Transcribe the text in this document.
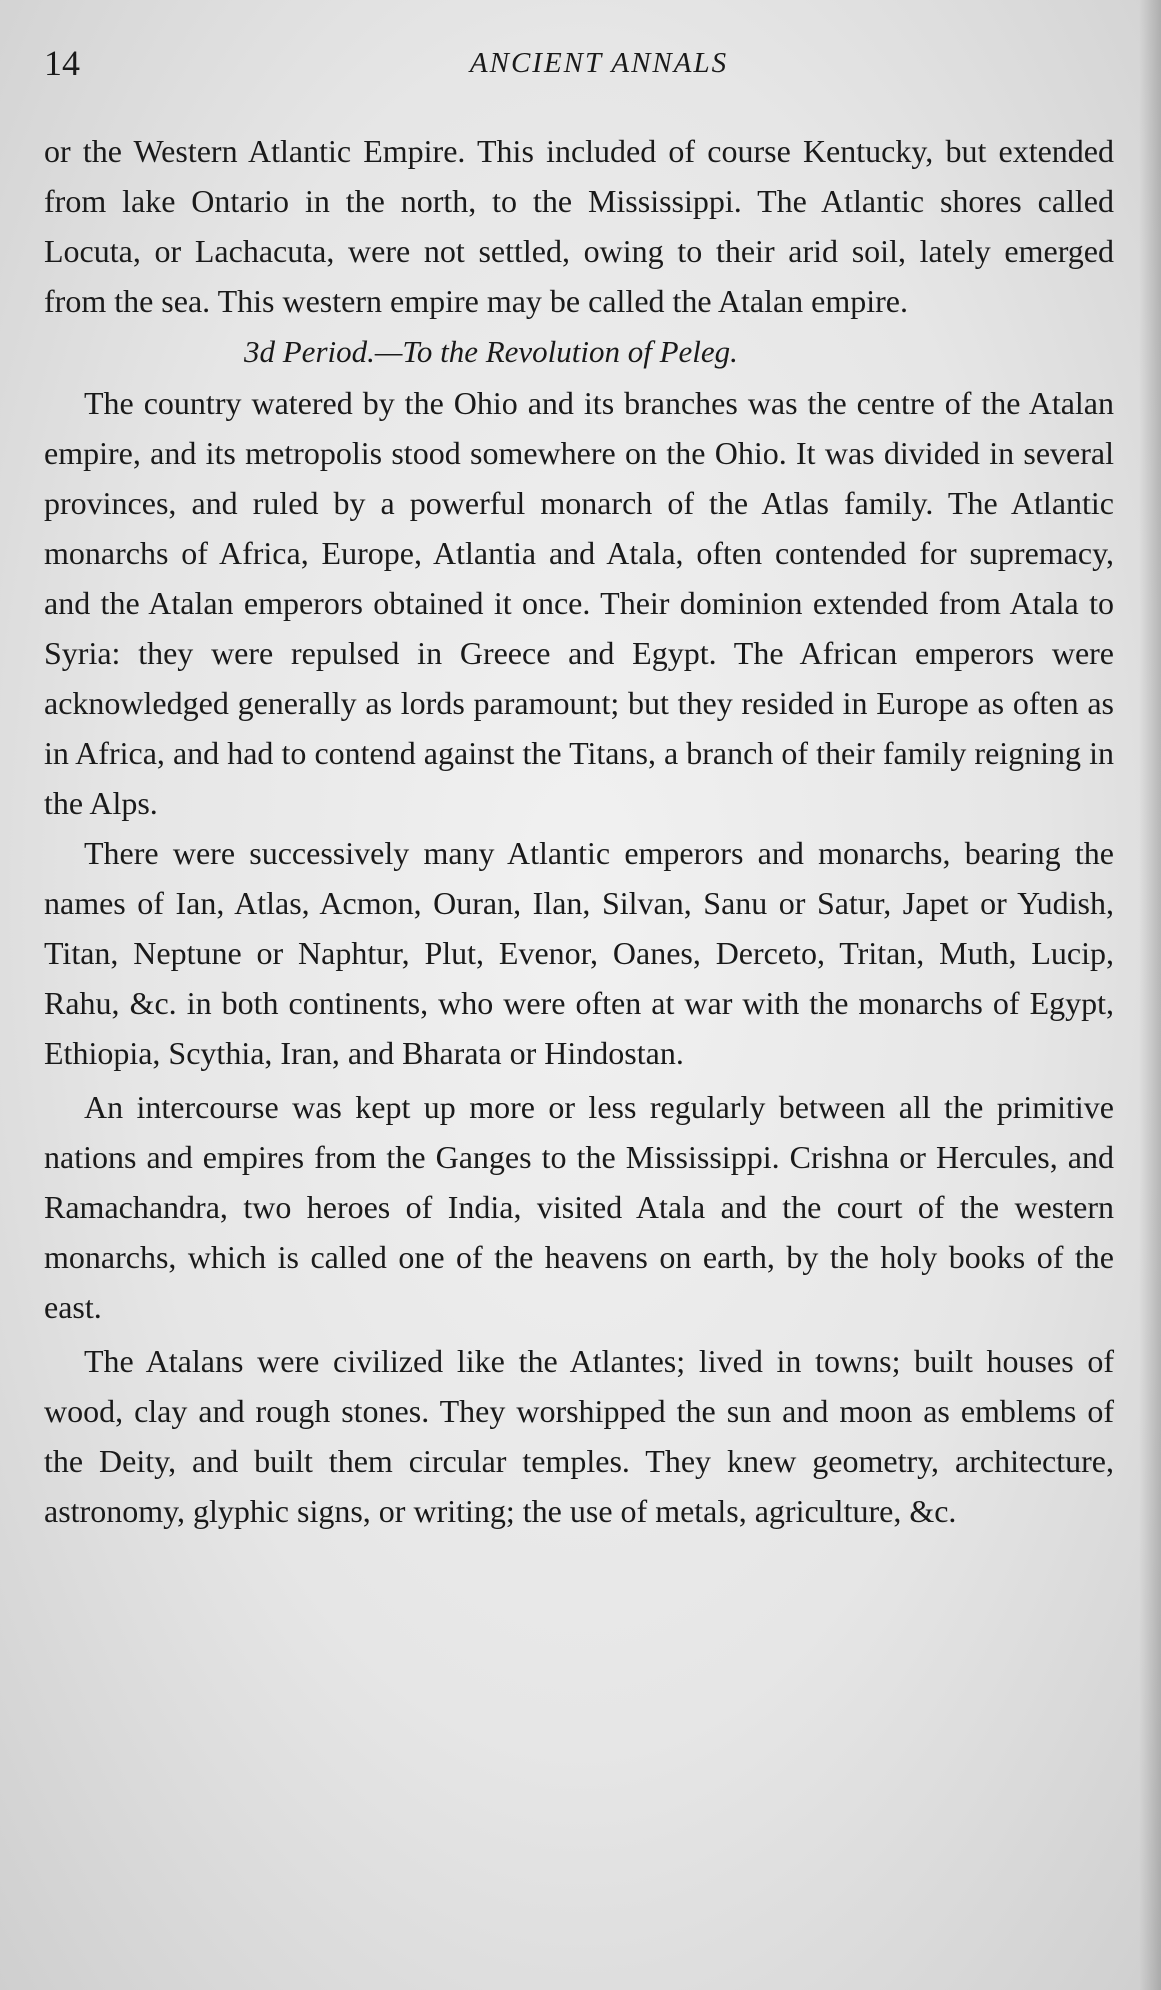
14	ANCIENT ANNALS

or the Western Atlantic Empire. This included of course Kentucky, but extended from lake Ontario in the north, to the Mississippi. The Atlantic shores called Locuta, or Lachacuta, were not settled, owing to their arid soil, lately emerged from the sea. This western empire may be called the Atalan empire.

3d Period.—To the Revolution of Peleg.

The country watered by the Ohio and its branches was the centre of the Atalan empire, and its metropolis stood somewhere on the Ohio. It was divided in several provinces, and ruled by a powerful monarch of the Atlas family. The Atlantic monarchs of Africa, Europe, Atlantia and Atala, often contended for supremacy, and the Atalan emperors obtained it once. Their dominion extended from Atala to Syria: they were repulsed in Greece and Egypt. The African emperors were acknowledged generally as lords paramount; but they resided in Europe as often as in Africa, and had to contend against the Titans, a branch of their family reigning in the Alps.

There were successively many Atlantic emperors and monarchs, bearing the names of Ian, Atlas, Acmon, Ouran, Ilan, Silvan, Sanu or Satur, Japet or Yudish, Titan, Neptune or Naphtur, Plut, Evenor, Oanes, Derceto, Tritan, Muth, Lucip, Rahu, &c. in both continents, who were often at war with the monarchs of Egypt, Ethiopia, Scythia, Iran, and Bharata or Hindostan.

An intercourse was kept up more or less regularly between all the primitive nations and empires from the Ganges to the Mississippi. Crishna or Hercules, and Ramachandra, two heroes of India, visited Atala and the court of the western monarchs, which is called one of the heavens on earth, by the holy books of the east.

The Atalans were civilized like the Atlantes; lived in towns; built houses of wood, clay and rough stones. They worshipped the sun and moon as emblems of the Deity, and built them circular temples. They knew geometry, architecture, astronomy, glyphic signs, or writing; the use of metals, agriculture, &c.
